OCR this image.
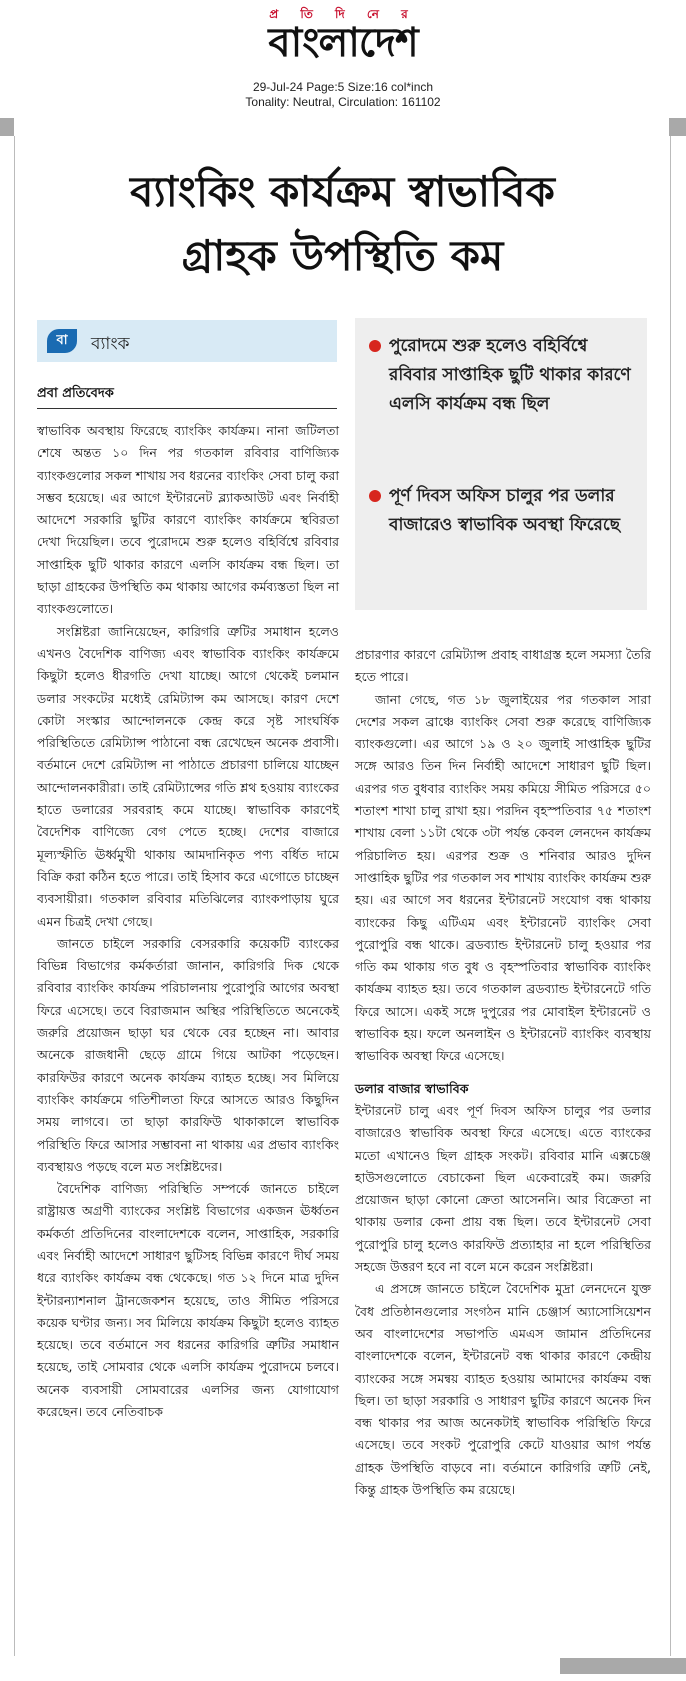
প্র তি দি নে র
বাংলাদেশ
29-Jul-24 Page:5 Size:16 col*inch
Tonality: Neutral, Circulation: 161102
ব্যাংকিং কার্যক্রম স্বাভাবিক
গ্রাহক উপস্থিতি কম
বা	ব্যাংক
প্রবা প্রতিবেদক
পুরোদমে শুরু হলেও বহির্বিশ্বে রবিবার সাপ্তাহিক ছুটি থাকার কারণে এলসি কার্যক্রম বন্ধ ছিল
পূর্ণ দিবস অফিস চালুর পর ডলার বাজারেও স্বাভাবিক অবস্থা ফিরেছে

স্বাভাবিক অবস্থায় ফিরেছে ব্যাংকিং কার্যক্রম। নানা জটিলতা শেষে অন্তত ১০ দিন পর গতকাল রবিবার বাণিজ্যিক ব্যাংকগুলোর সকল শাখায় সব ধরনের ব্যাংকিং সেবা চালু করা সম্ভব হয়েছে। এর আগে ইন্টারনেট ব্ল্যাকআউট এবং নির্বাহী আদেশে সরকারি ছুটির কারণে ব্যাংকিং কার্যক্রমে স্থবিরতা দেখা দিয়েছিল। তবে পুরোদমে শুরু হলেও বহির্বিশ্বে রবিবার সাপ্তাহিক ছুটি থাকার কারণে এলসি কার্যক্রম বন্ধ ছিল। তা ছাড়া গ্রাহকের উপস্থিতি কম থাকায় আগের কর্মব্যস্ততা ছিল না ব্যাংকগুলোতে।

সংশ্লিষ্টরা জানিয়েছেন, কারিগরি ত্রুটির সমাধান হলেও এখনও বৈদেশিক বাণিজ্য এবং স্বাভাবিক ব্যাংকিং কার্যক্রমে কিছুটা হলেও ধীরগতি দেখা যাচ্ছে। আগে থেকেই চলমান ডলার সংকটের মধ্যেই রেমিট্যান্স কম আসছে। কারণ দেশে কোটা সংস্কার আন্দোলনকে কেন্দ্র করে সৃষ্ট সাংঘর্ষিক পরিস্থিতিতে রেমিট্যান্স পাঠানো বন্ধ রেখেছেন অনেক প্রবাসী। বর্তমানে দেশে রেমিট্যান্স না পাঠাতে প্রচারণা চালিয়ে যাচ্ছেন আন্দোলনকারীরা। তাই রেমিট্যান্সের গতি শ্লথ হওয়ায় ব্যাংকের হাতে ডলারের সরবরাহ কমে যাচ্ছে। স্বাভাবিক কারণেই বৈদেশিক বাণিজ্যে বেগ পেতে হচ্ছে। দেশের বাজারে মূল্যস্ফীতি ঊর্ধ্বমুখী থাকায় আমদানিকৃত পণ্য বর্ধিত দামে বিক্রি করা কঠিন হতে পারে। তাই হিসাব করে এগোতে চাচ্ছেন ব্যবসায়ীরা। গতকাল রবিবার মতিঝিলের ব্যাংকপাড়ায় ঘুরে এমন চিত্রই দেখা গেছে।

জানতে চাইলে সরকারি বেসরকারি কয়েকটি ব্যাংকের বিভিন্ন বিভাগের কর্মকর্তারা জানান, কারিগরি দিক থেকে রবিবার ব্যাংকিং কার্যক্রম পরিচালনায় পুরোপুরি আগের অবস্থা ফিরে এসেছে। তবে বিরাজমান অস্থির পরিস্থিতিতে অনেকেই জরুরি প্রয়োজন ছাড়া ঘর থেকে বের হচ্ছেন না। আবার অনেকে রাজধানী ছেড়ে গ্রামে গিয়ে আটকা পড়েছেন। কারফিউর কারণে অনেক কার্যক্রম ব্যাহত হচ্ছে। সব মিলিয়ে ব্যাংকিং কার্যক্রমে গতিশীলতা ফিরে আসতে আরও কিছুদিন সময় লাগবে। তা ছাড়া কারফিউ থাকাকালে স্বাভাবিক পরিস্থিতি ফিরে আসার সম্ভাবনা না থাকায় এর প্রভাব ব্যাংকিং ব্যবস্থায়ও পড়ছে বলে মত সংশ্লিষ্টদের।

বৈদেশিক বাণিজ্য পরিস্থিতি সম্পর্কে জানতে চাইলে রাষ্ট্রায়ত্ত অগ্রণী ব্যাংকের সংশ্লিষ্ট বিভাগের একজন ঊর্ধ্বতন কর্মকর্তা প্রতিদিনের বাংলাদেশকে বলেন, সাপ্তাহিক, সরকারি এবং নির্বাহী আদেশে সাধারণ ছুটিসহ বিভিন্ন কারণে দীর্ঘ সময় ধরে ব্যাংকিং কার্যক্রম বন্ধ থেকেছে। গত ১২ দিনে মাত্র দুদিন ইন্টারন্যাশনাল ট্রানজেকশন হয়েছে, তাও সীমিত পরিসরে কয়েক ঘণ্টার জন্য। সব মিলিয়ে কার্যক্রম কিছুটা হলেও ব্যাহত হয়েছে। তবে বর্তমানে সব ধরনের কারিগরি ত্রুটির সমাধান হয়েছে, তাই সোমবার থেকে এলসি কার্যক্রম পুরোদমে চলবে। অনেক ব্যবসায়ী সোমবারের এলসির জন্য যোগাযোগ করেছেন। তবে নেতিবাচক

প্রচারণার কারণে রেমিট্যান্স প্রবাহ বাধাগ্রস্ত হলে সমস্যা তৈরি হতে পারে।

জানা গেছে, গত ১৮ জুলাইয়ের পর গতকাল সারা দেশের সকল ব্রাঞ্চে ব্যাংকিং সেবা শুরু করেছে বাণিজ্যিক ব্যাংকগুলো। এর আগে ১৯ ও ২০ জুলাই সাপ্তাহিক ছুটির সঙ্গে আরও তিন দিন নির্বাহী আদেশে সাধারণ ছুটি ছিল। এরপর গত বুধবার ব্যাংকিং সময় কমিয়ে সীমিত পরিসরে ৫০ শতাংশ শাখা চালু রাখা হয়। পরদিন বৃহস্পতিবার ৭৫ শতাংশ শাখায় বেলা ১১টা থেকে ৩টা পর্যন্ত কেবল লেনদেন কার্যক্রম পরিচালিত হয়। এরপর শুক্র ও শনিবার আরও দুদিন সাপ্তাহিক ছুটির পর গতকাল সব শাখায় ব্যাংকিং কার্যক্রম শুরু হয়। এর আগে সব ধরনের ইন্টারনেট সংযোগ বন্ধ থাকায় ব্যাংকের কিছু এটিএম এবং ইন্টারনেট ব্যাংকিং সেবা পুরোপুরি বন্ধ থাকে। ব্রডব্যান্ড ইন্টারনেট চালু হওয়ার পর গতি কম থাকায় গত বুধ ও বৃহস্পতিবার স্বাভাবিক ব্যাংকিং কার্যক্রম ব্যাহত হয়। তবে গতকাল ব্রডব্যান্ড ইন্টারনেটে গতি ফিরে আসে। একই সঙ্গে দুপুরের পর মোবাইল ইন্টারনেট ও স্বাভাবিক হয়। ফলে অনলাইন ও ইন্টারনেট ব্যাংকিং ব্যবস্থায় স্বাভাবিক অবস্থা ফিরে এসেছে।

ডলার বাজার স্বাভাবিক

ইন্টারনেট চালু এবং পূর্ণ দিবস অফিস চালুর পর ডলার বাজারেও স্বাভাবিক অবস্থা ফিরে এসেছে। এতে ব্যাংকের মতো এখানেও ছিল গ্রাহক সংকট। রবিবার মানি এক্সচেঞ্জ হাউসগুলোতে বেচাকেনা ছিল একেবারেই কম। জরুরি প্রয়োজন ছাড়া কোনো ক্রেতা আসেননি। আর বিক্রেতা না থাকায় ডলার কেনা প্রায় বন্ধ ছিল। তবে ইন্টারনেট সেবা পুরোপুরি চালু হলেও কারফিউ প্রত্যাহার না হলে পরিস্থিতির সহজে উত্তরণ হবে না বলে মনে করেন সংশ্লিষ্টরা।

এ প্রসঙ্গে জানতে চাইলে বৈদেশিক মুদ্রা লেনদেনে যুক্ত বৈধ প্রতিষ্ঠানগুলোর সংগঠন মানি চেঞ্জার্স অ্যাসোসিয়েশন অব বাংলাদেশের সভাপতি এমএস জামান প্রতিদিনের বাংলাদেশকে বলেন, ইন্টারনেট বন্ধ থাকার কারণে কেন্দ্রীয় ব্যাংকের সঙ্গে সমন্বয় ব্যাহত হওয়ায় আমাদের কার্যক্রম বন্ধ ছিল। তা ছাড়া সরকারি ও সাধারণ ছুটির কারণে অনেক দিন বন্ধ থাকার পর আজ অনেকটাই স্বাভাবিক পরিস্থিতি ফিরে এসেছে। তবে সংকট পুরোপুরি কেটে যাওয়ার আগ পর্যন্ত গ্রাহক উপস্থিতি বাড়বে না। বর্তমানে কারিগরি ত্রুটি নেই, কিন্তু গ্রাহক উপস্থিতি কম রয়েছে।
